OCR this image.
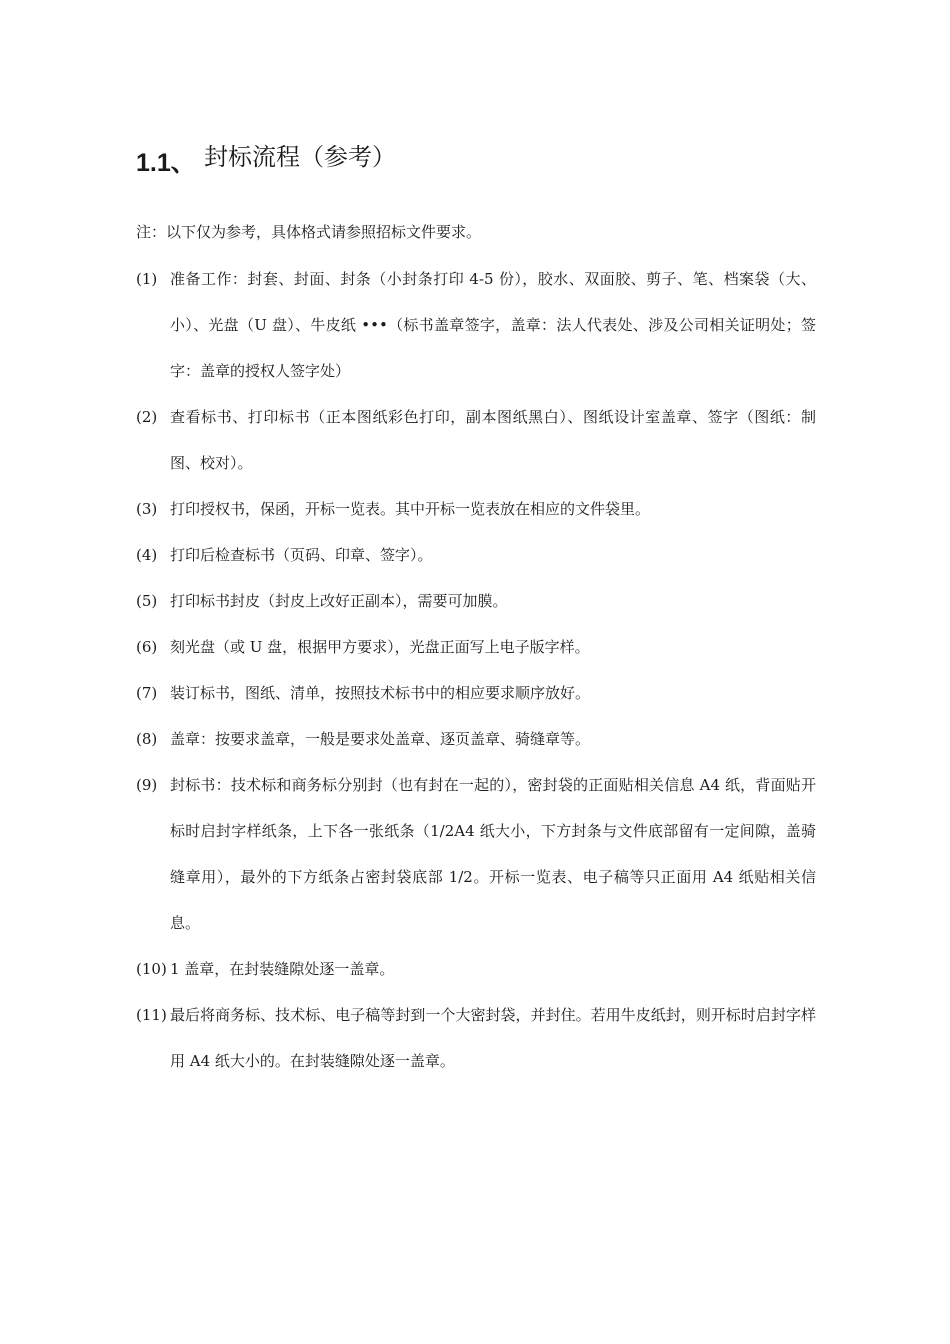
1.1、 封标流程（参考）
注：以下仅为参考，具体格式请参照招标文件要求。
(1) 准备工作：封套、封面、封条（小封条打印 4-5 份），胶水、双面胶、剪子、笔、档案袋（大、小）、光盘（U 盘）、牛皮纸 •••（标书盖章签字，盖章：法人代表处、涉及公司相关证明处；签字：盖章的授权人签字处）
(2) 查看标书、打印标书（正本图纸彩色打印，副本图纸黑白）、图纸设计室盖章、签字（图纸：制图、校对）。
(3) 打印授权书，保函，开标一览表。其中开标一览表放在相应的文件袋里。
(4) 打印后检查标书（页码、印章、签字）。
(5) 打印标书封皮（封皮上改好正副本），需要可加膜。
(6) 刻光盘（或 U 盘，根据甲方要求），光盘正面写上电子版字样。
(7) 装订标书，图纸、清单，按照技术标书中的相应要求顺序放好。
(8) 盖章：按要求盖章，一般是要求处盖章、逐页盖章、骑缝章等。
(9) 封标书：技术标和商务标分别封（也有封在一起的），密封袋的正面贴相关信息 A4 纸，背面贴开标时启封字样纸条，上下各一张纸条（1/2A4 纸大小，下方封条与文件底部留有一定间隙，盖骑缝章用），最外的下方纸条占密封袋底部 1/2。开标一览表、电子稿等只正面用 A4 纸贴相关信息。
(10) 1 盖章，在封装缝隙处逐一盖章。
(11) 最后将商务标、技术标、电子稿等封到一个大密封袋，并封住。若用牛皮纸封，则开标时启封字样用 A4 纸大小的。在封装缝隙处逐一盖章。
